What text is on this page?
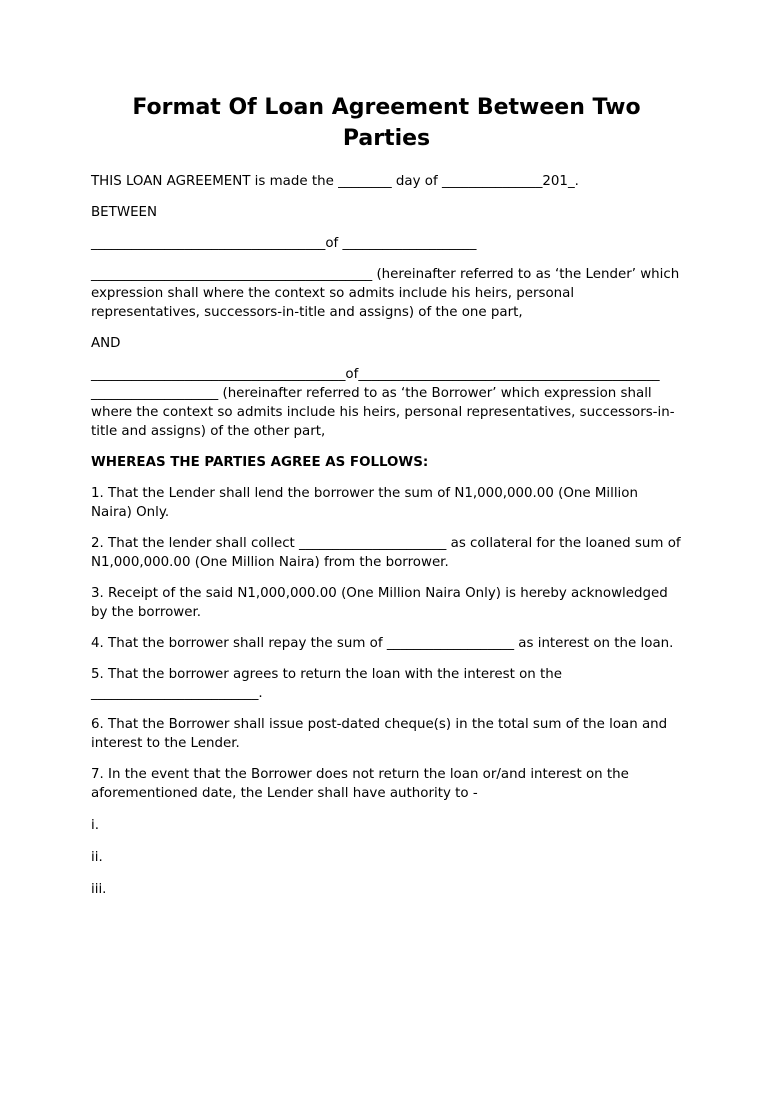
Format Of Loan Agreement Between Two
Parties

THIS LOAN AGREEMENT is made the ________ day of _______________201_.

BETWEEN

___________________________________of ____________________

__________________________________________ (hereinafter referred to as ‘the Lender’ which expression shall where the context so admits include his heirs, personal representatives, successors-in-title and assigns) of the one part,

AND

______________________________________of_____________________________________________ ___________________ (hereinafter referred to as ‘the Borrower’ which expression shall where the context so admits include his heirs, personal representatives, successors-in-title and assigns) of the other part,

WHEREAS THE PARTIES AGREE AS FOLLOWS:

1. That the Lender shall lend the borrower the sum of N1,000,000.00 (One Million Naira) Only.

2. That the lender shall collect ______________________ as collateral for the loaned sum of N1,000,000.00 (One Million Naira) from the borrower.

3. Receipt of the said N1,000,000.00 (One Million Naira Only) is hereby acknowledged by the borrower.

4. That the borrower shall repay the sum of ___________________ as interest on the loan.

5. That the borrower agrees to return the loan with the interest on the _________________________.

6. That the Borrower shall issue post-dated cheque(s) in the total sum of the loan and interest to the Lender.

7. In the event that the Borrower does not return the loan or/and interest on the aforementioned date, the Lender shall have authority to -

i.

ii.

iii.
